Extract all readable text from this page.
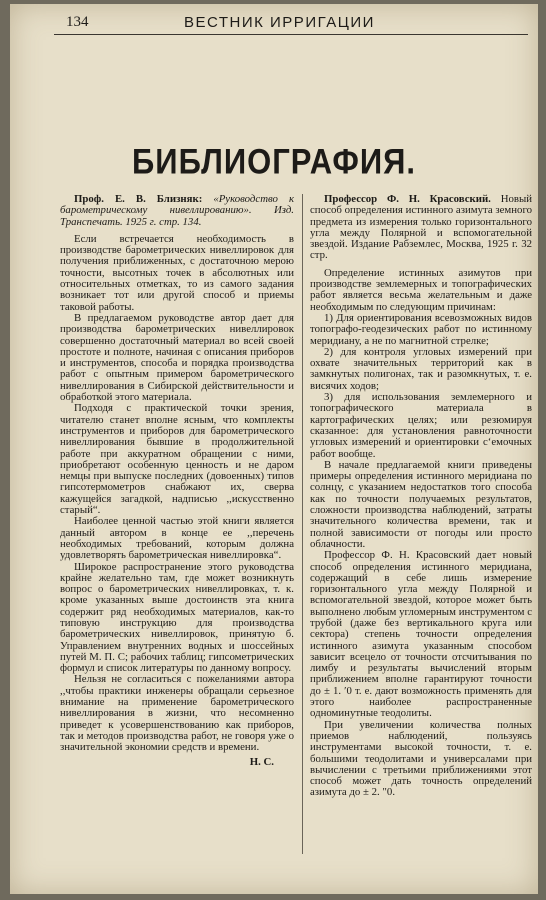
134	ВЕСТНИК ИРРИГАЦИИ
БИБЛИОГРАФИЯ.

Проф. Е. В. Близняк: «Руководство к барометрическому нивеллированию». Изд. Транспечать. 1925 г. стр. 134.

Если встречается необходимость в производстве барометрических нивеллировок для получения приближенных, с достаточною мерою точности, высотных точек в абсолютных или относительных отметках, то из самого задания возникает тот или другой способ и приемы таковой работы.

В предлагаемом руководстве автор дает для производства барометрических нивеллировок совершенно достаточный материал во всей своей простоте и полноте, начиная с описания приборов и инструментов, способа и порядка производства работ с опытным примером барометрического нивеллирования в Сибирской действительности и обработкой этого материала.

Подходя с практической точки зрения, читателю станет вполне ясным, что комплекты инструментов и приборов для барометрического нивеллирования бывшие в продолжительной работе при аккуратном обращении с ними, приобретают особенную ценность и не даром немцы при выпуске последних (довоенных) типов гипсотермометров снабжают их, сверва кажущейся загадкой, надписью ,,искусственно старый“.

Наиболее ценной частью этой книги является данный автором в конце ее ,,перечень необходимых требований, которым должна удовлетворять барометрическая нивеллировка“.

Широкое распространение этого руководства крайне желательно там, где может возникнуть вопрос о барометрических нивеллировках, т. к. кроме указанных выше достоинств эта книга содержит ряд необходимых материалов, как-то типовую инструкцию для производства барометрических нивеллировок, принятую б. Управлением внутренних водных и шоссейных путей М. П. С; рабочих таблиц; гипсометрических формул и список литературы по данному вопросу.

Нельзя не согласиться с пожеланиями автора ,,чтобы практики инженеры обращали серьезное внимание на применение барометрического нивеллирования в жизни, что несомненно приведет к усовершенствованию как приборов, так и методов производства работ, не говоря уже о значительной экономии средств и времени.

Н. С.

Профессор Ф. Н. Красовский. Новый способ определения истинного азимута земного предмета из измерения только горизонтального угла между Полярной и вспомогательной звездой. Издание Рабземлес, Москва, 1925 г. 32 стр.

Определение истинных азимутов при производстве землемерных и топографических работ является весьма желательным и даже необходимым по следующим причинам:

1) Для ориентирования всевозможных видов топографо-геодезических работ по истинному меридиану, а не по магнитной стрелке;

2) для контроля угловых измерений при охвате значительных территорий как в замкнутых полигонах, так и разомкнутых, т. е. висячих ходов;

3) для использования землемерного и топографического материала в картографических целях; или резюмируя сказанное: для установления равноточности угловых измерений и ориентировки с‘емочных работ вообще.

В начале предлагаемой книги приведены примеры определения истинного меридиана по солнцу, с указанием недостатков того способа как по точности получаемых результатов, сложности производства наблюдений, затраты значительного количества времени, так и полной зависимости от погоды или просто облачности.

Профессор Ф. Н. Красовский дает новый способ определения истинного меридиана, содержащий в себе лишь измерение горизонтального угла между Полярной и вспомогательной звездой, которое может быть выполнено любым угломерным инструментом с трубой (даже без вертикального круга или сектора) степень точности определения истинного азимута указанным способом зависит всецело от точности отсчитывания по лимбу и результаты вычислений вторым приближением вполне гарантируют точности до ± 1. ′0 т. е. дают возможность применять для этого наиболее распространенные одноминутные теодолиты.

При увеличении количества полных приемов наблюдений, пользуясь инструментами высокой точности, т. е. большими теодолитами и универсалами при вычислении с третьими приближениями этот способ может дать точность определений азимута до ± 2. ″0.
